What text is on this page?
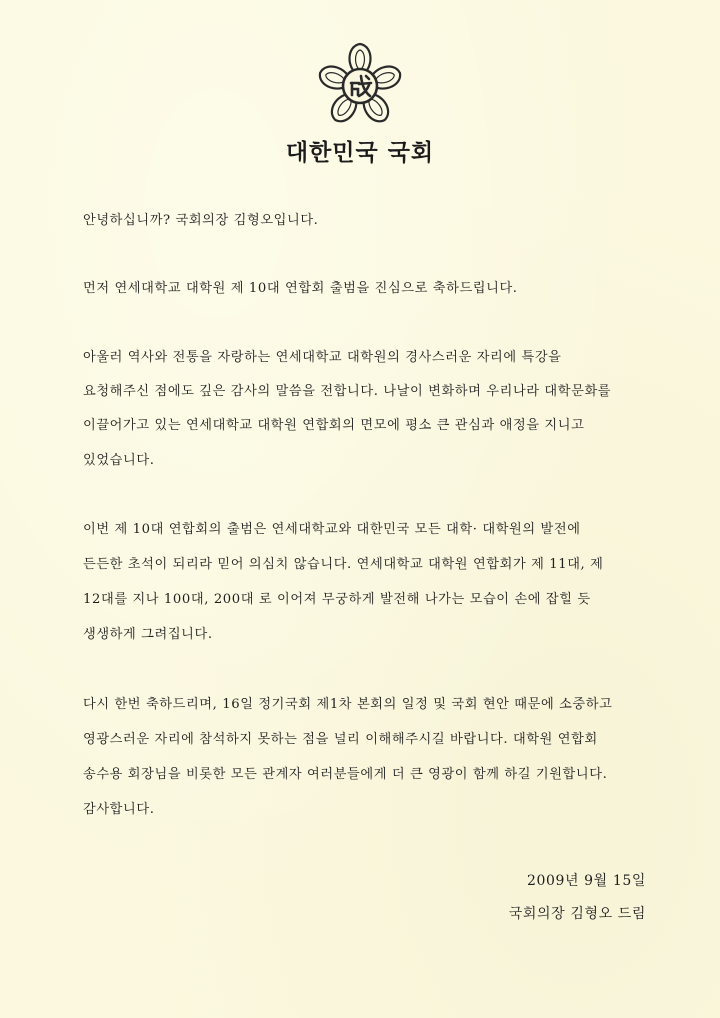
대한민국 국회
안녕하십니까? 국회의장 김형오입니다.
먼저 연세대학교 대학원 제 10대 연합회 출범을 진심으로 축하드립니다.
아울러 역사와 전통을 자랑하는 연세대학교 대학원의 경사스러운 자리에 특강을
요청해주신 점에도 깊은 감사의 말씀을 전합니다. 나날이 변화하며 우리나라 대학문화를
이끌어가고 있는 연세대학교 대학원 연합회의 면모에 평소 큰 관심과 애정을 지니고
있었습니다.
이번 제 10대 연합회의 출범은 연세대학교와 대한민국 모든 대학· 대학원의 발전에
든든한 초석이 되리라 믿어 의심치 않습니다. 연세대학교 대학원 연합회가 제 11대, 제
12대를 지나 100대, 200대 로 이어져 무궁하게 발전해 나가는 모습이 손에 잡힐 듯
생생하게 그려집니다.
다시 한번 축하드리며, 16일 정기국회 제1차 본회의 일정 및 국회 현안 때문에 소중하고
영광스러운 자리에 참석하지 못하는 점을 널리 이해해주시길 바랍니다. 대학원 연합회
송수용 회장님을 비롯한 모든 관계자 여러분들에게 더 큰 영광이 함께 하길 기원합니다.
감사합니다.
2009년 9월 15일
국회의장 김형오 드림
